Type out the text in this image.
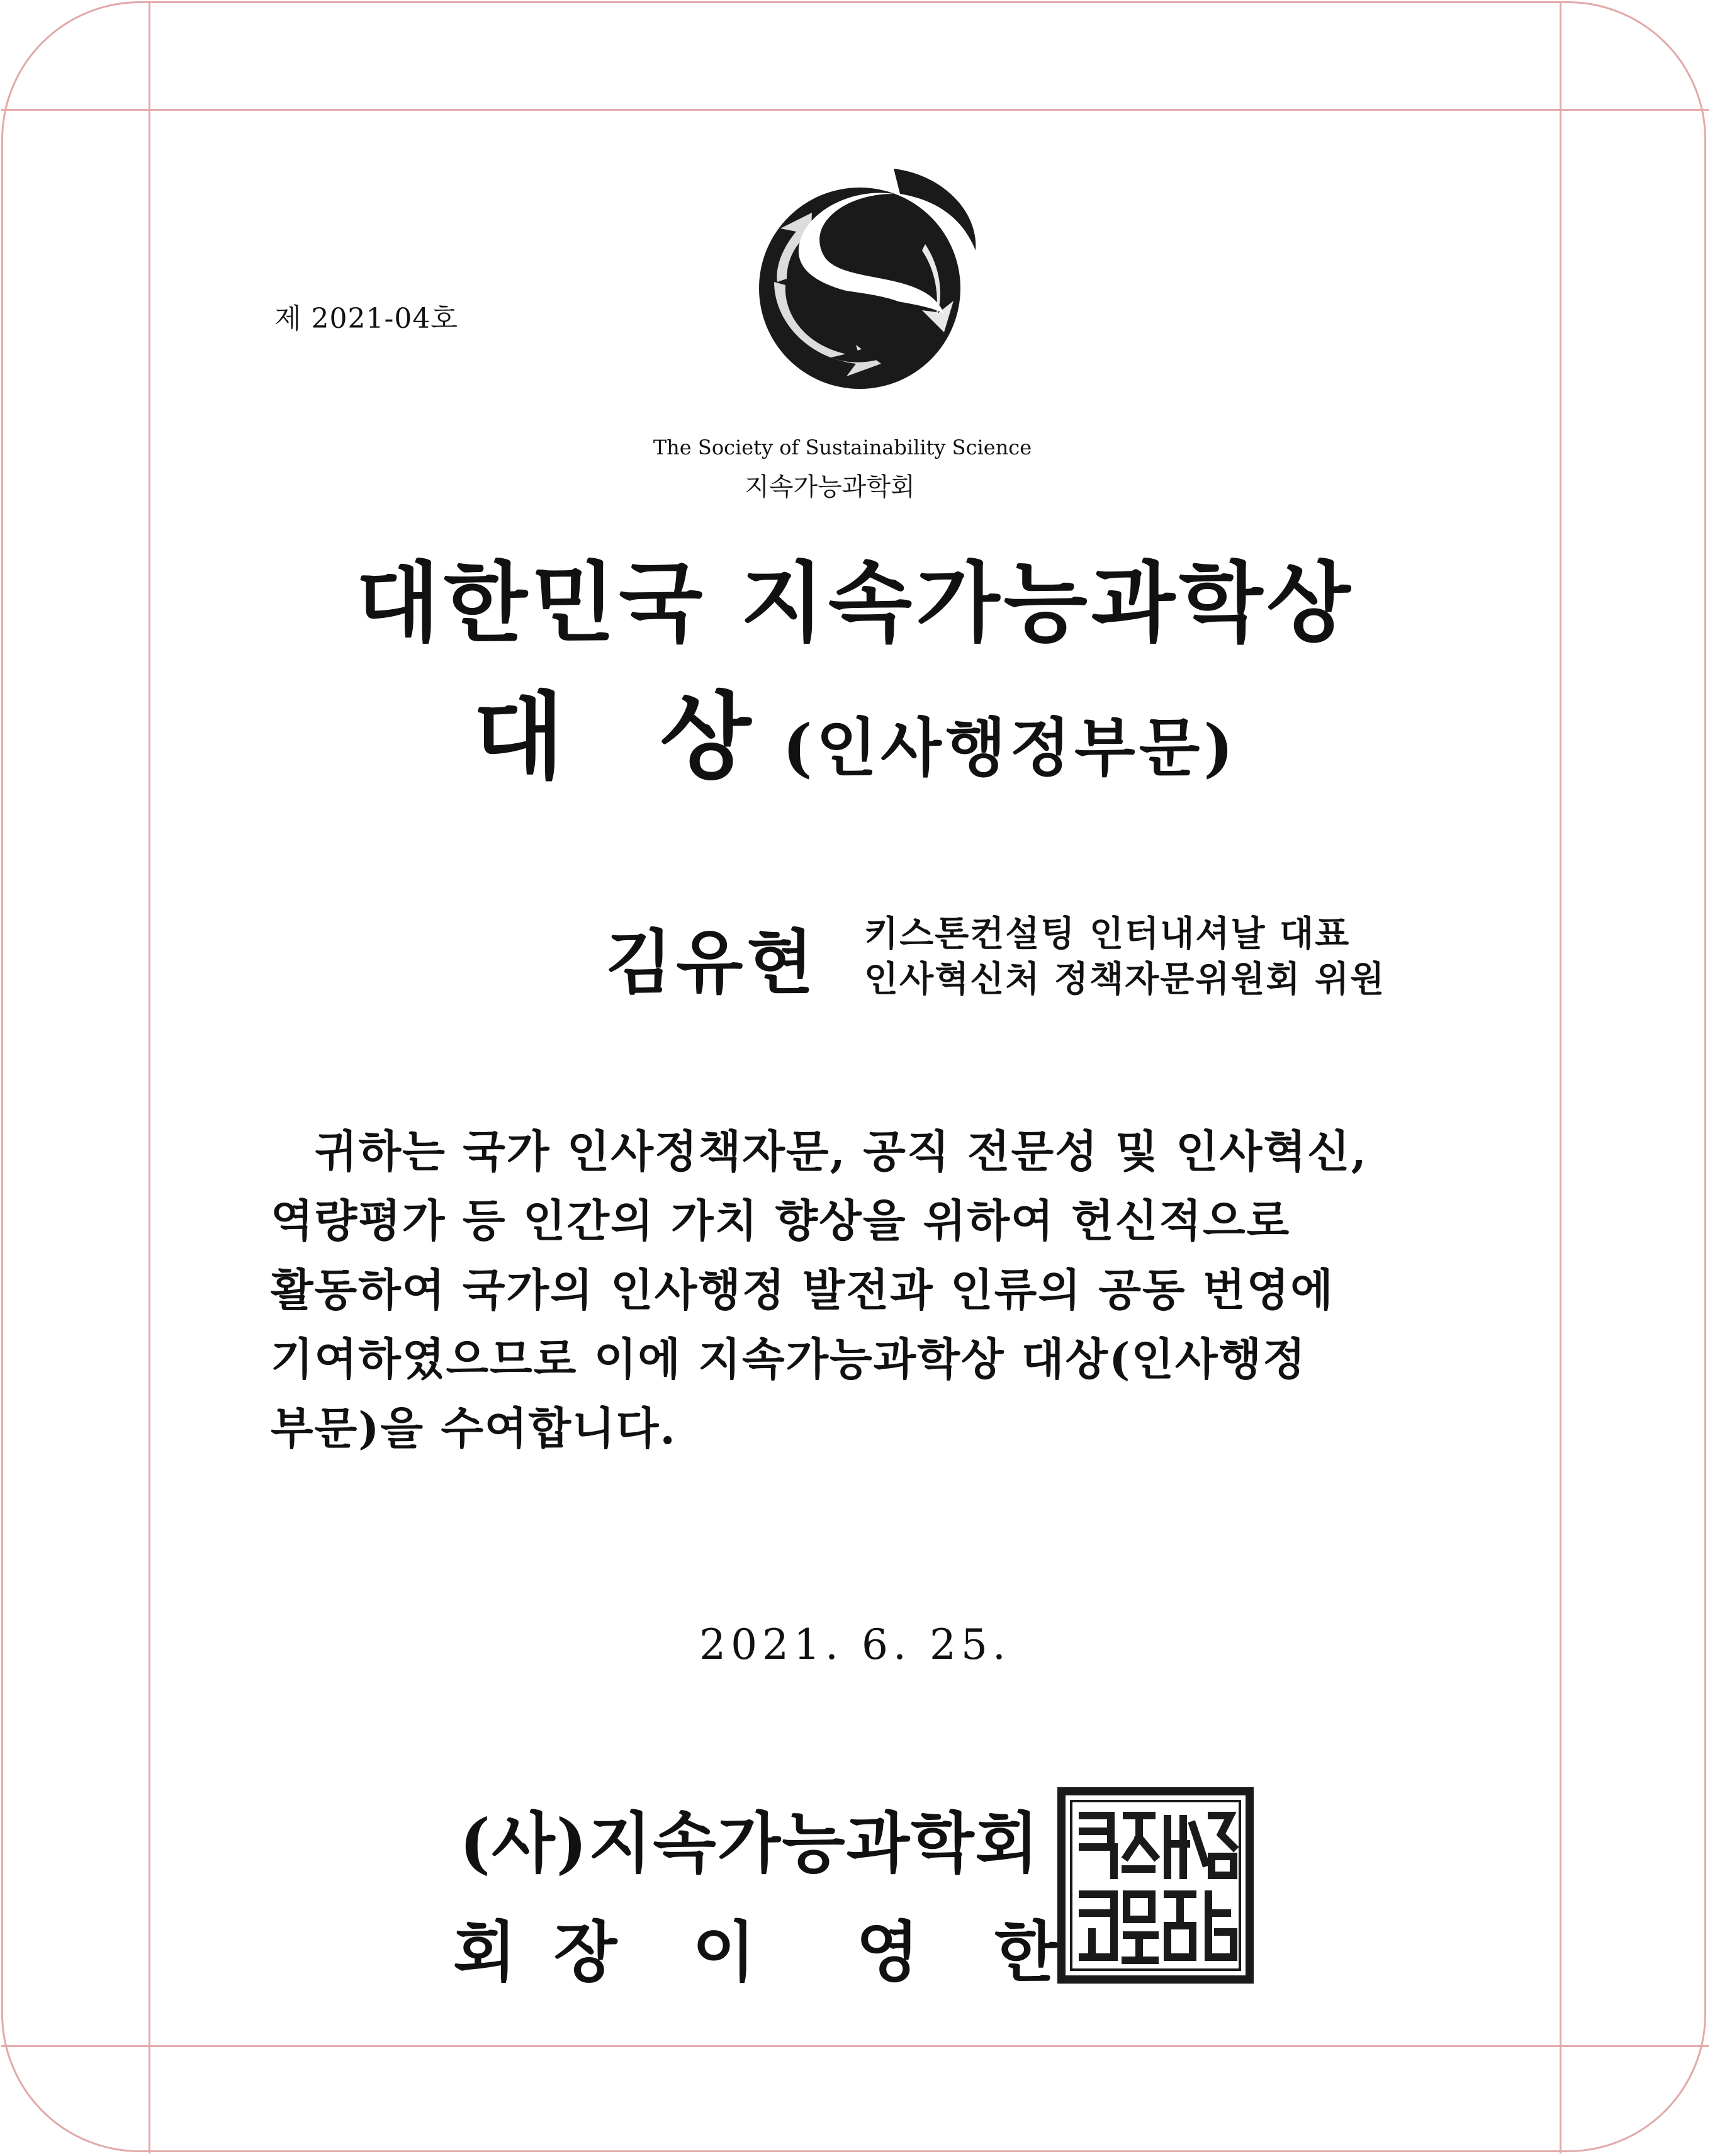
제 2021-04호
The Society of Sustainability Science
지속가능과학회
대한민국 지속가능과학상
대 상(인사행정부문)
김유현 키스톤컨설팅 인터내셔날 대표
인사혁신처 정책자문위원회 위원
귀하는 국가 인사정책자문, 공직 전문성 및 인사혁신,
역량평가 등 인간의 가치 향상을 위하여 헌신적으로
활동하여 국가의 인사행정 발전과 인류의 공동 번영에
기여하였으므로 이에 지속가능과학상 대상(인사행정
부문)을 수여합니다.
2021. 6. 25.
(사)지속가능과학회
회 장 이 영 한
